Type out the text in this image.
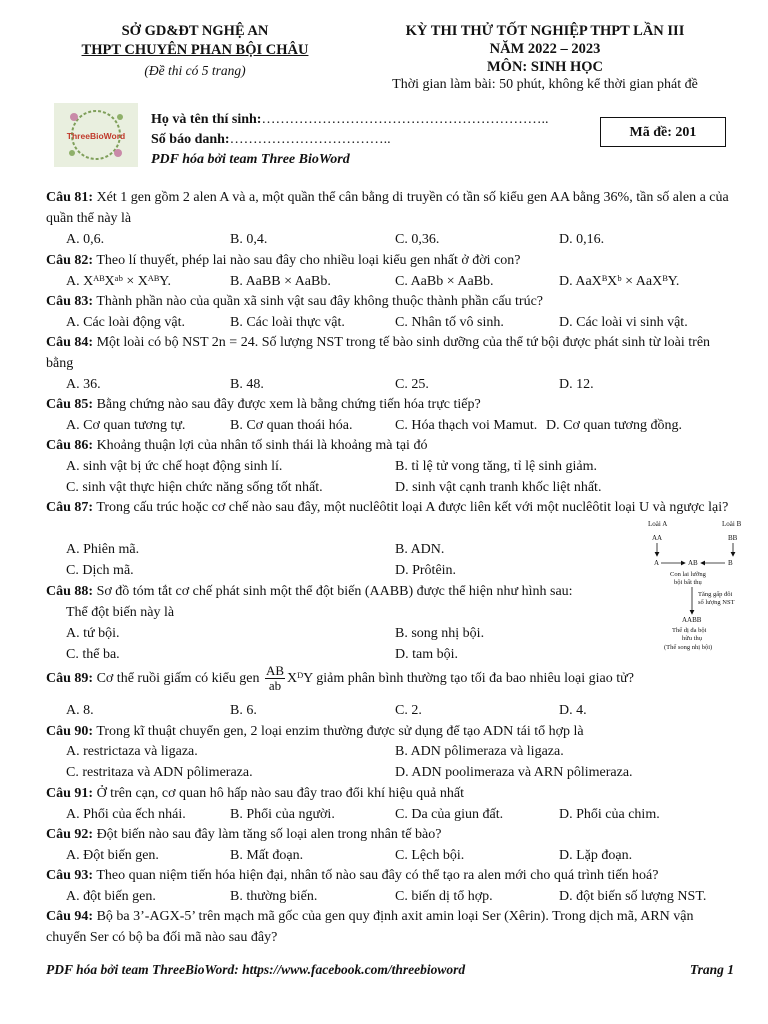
SỞ GD&ĐT NGHỆ AN
THPT CHUYÊN PHAN BỘI CHÂU
(Đề thi có 5 trang)
KỲ THI THỬ TỐT NGHIỆP THPT LẦN III
NĂM 2022 – 2023
MÔN: SINH HỌC
Thời gian làm bài: 50 phút, không kể thời gian phát đề
ThreeBioWord
Họ và tên thí sinh:……………………………………………………..
Số báo danh:……………………………..
PDF hóa bởi team Three BioWord
Mã đề: 201
Câu 81: Xét 1 gen gồm 2 alen A và a, một quần thể cân bằng di truyền có tần số kiểu gen AA bằng 36%, tần số alen a của quần thể này là
A. 0,6.	B. 0,4.	C. 0,36.	D. 0,16.
Câu 82: Theo lí thuyết, phép lai nào sau đây cho nhiều loại kiểu gen nhất ở đời con?
A. XᴬᴮXᵃᵇ × XᴬᴮY.	B. AaBB × AaBb.	C. AaBb × AaBb.	D. AaXᴮXᵇ × AaXᴮY.
Câu 83: Thành phần nào của quần xã sinh vật sau đây không thuộc thành phần cấu trúc?
A. Các loài động vật.	B. Các loài thực vật.	C. Nhân tố vô sinh.	D. Các loài vi sinh vật.
Câu 84: Một loài có bộ NST 2n = 24. Số lượng NST trong tế bào sinh dưỡng của thể tứ bội được phát sinh từ loài trên bằng
A. 36.	B. 48.	C. 25.	D. 12.
Câu 85: Bằng chứng nào sau đây được xem là bằng chứng tiến hóa trực tiếp?
A. Cơ quan tương tự.	B. Cơ quan thoái hóa.	C. Hóa thạch voi Mamut. D. Cơ quan tương đồng.
Câu 86: Khoảng thuận lợi của nhân tố sinh thái là khoảng mà tại đó
A. sinh vật bị ức chế hoạt động sinh lí.	B. tỉ lệ tử vong tăng, tỉ lệ sinh giảm.
C. sinh vật thực hiện chức năng sống tốt nhất.	D. sinh vật cạnh tranh khốc liệt nhất.
Câu 87: Trong cấu trúc hoặc cơ chế nào sau đây, một nuclêôtit loại A được liên kết với một nuclêôtit loại U và ngược lại?
A. Phiên mã.	B. ADN.
C. Dịch mã.	D. Prôtêin.
Câu 88: Sơ đồ tóm tắt cơ chế phát sinh một thể đột biến (AABB) được thể hiện như hình sau:
Thể đột biến này là
A. tứ bội.	B. song nhị bội.
C. thể ba.	D. tam bội.
Loài A	Loài B
AA	BB
A	AB	B
Con lai lưỡng
bội bất thụ
Tăng gấp đôi
số lượng NST
AABB
Thể dị đa bội
hữu thụ
(Thể song nhị bội)
Câu 89: Cơ thể ruồi giấm có kiểu gen $\frac{AB}{ab}$ XᴰY giảm phân bình thường tạo tối đa bao nhiêu loại giao tử?
A. 8.	B. 6.	C. 2.	D. 4.
Câu 90: Trong kĩ thuật chuyển gen, 2 loại enzim thường được sử dụng để tạo ADN tái tổ hợp là
A. restrictaza và ligaza.	B. ADN pôlimeraza và ligaza.
C. restritaza và ADN pôlimeraza.	D. ADN poolimeraza và ARN pôlimeraza.
Câu 91: Ở trên cạn, cơ quan hô hấp nào sau đây trao đổi khí hiệu quả nhất
A. Phổi của ếch nhái.	B. Phổi của người.	C. Da của giun đất.	D. Phổi của chim.
Câu 92: Đột biến nào sau đây làm tăng số loại alen trong nhân tế bào?
A. Đột biến gen.	B. Mất đoạn.	C. Lệch bội.	D. Lặp đoạn.
Câu 93: Theo quan niệm tiến hóa hiện đại, nhân tố nào sau đây có thể tạo ra alen mới cho quá trình tiến hoá?
A. đột biến gen.	B. thường biến.	C. biến dị tổ hợp.	D. đột biến số lượng NST.
Câu 94: Bộ ba 3’-AGX-5’ trên mạch mã gốc của gen quy định axit amin loại Ser (Xêrin). Trong dịch mã, ARN vận chuyển Ser có bộ ba đối mã nào sau đây?
PDF hóa bởi team ThreeBioWord: https://www.facebook.com/threebioword	Trang 1
